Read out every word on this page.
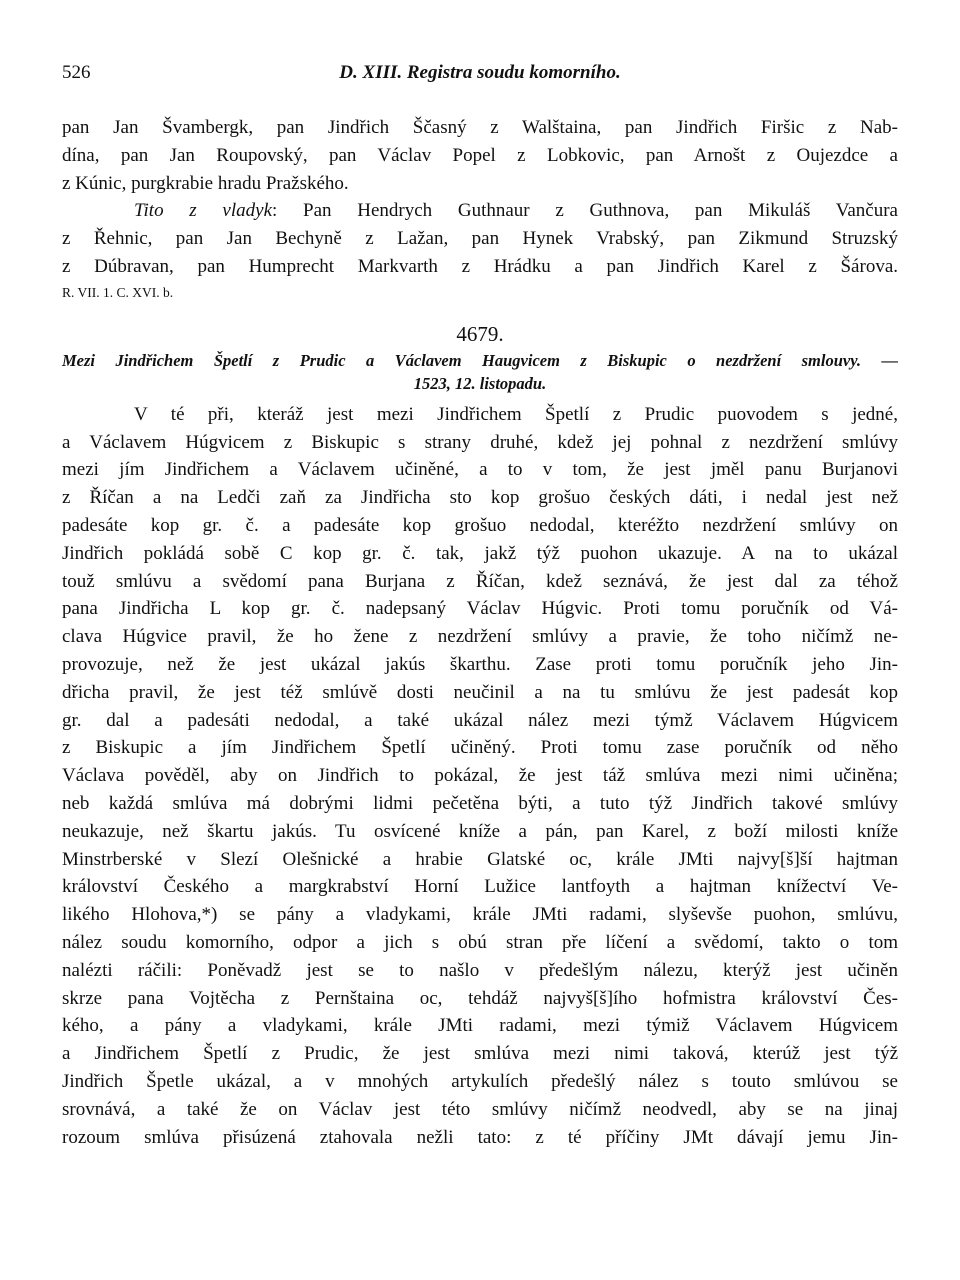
526	D. XIII. Registra soudu komorního.
pan Jan Švambergk, pan Jindřich Ščasný z Walštaina, pan Jindřich Firšic z Nab-
dína, pan Jan Roupovský, pan Václav Popel z Lobkovic, pan Arnošt z Oujezdce a
z Kúnic, purgkrabie hradu Pražského.
Tito z vladyk: Pan Hendrych Guthnaur z Guthnova, pan Mikuláš Vančura
z Řehnic, pan Jan Bechyně z Lažan, pan Hynek Vrabský, pan Zikmund Struzský
z Dúbravan, pan Humprecht Markvarth z Hrádku a pan Jindřich Karel z Šárova.
R. VII. 1. C. XVI. b.
4679.
Mezi Jindřichem Špetlí z Prudic a Václavem Haugvicem z Biskupic o nezdržení smlouvy. —
1523, 12. listopadu.
V té při, kteráž jest mezi Jindřichem Špetlí z Prudic puovodem s jedné,
a Václavem Húgvicem z Biskupic s strany druhé, kdež jej pohnal z nezdržení smlúvy
mezi jím Jindřichem a Václavem učiněné, a to v tom, že jest jměl panu Burjanovi
z Říčan a na Ledči zaň za Jindřicha sto kop grošuo českých dáti, i nedal jest než
padesáte kop gr. č. a padesáte kop grošuo nedodal, kteréžto nezdržení smlúvy on
Jindřich pokládá sobě C kop gr. č. tak, jakž týž puohon ukazuje. A na to ukázal
touž smlúvu a svědomí pana Burjana z Říčan, kdež seznává, že jest dal za téhož
pana Jindřicha L kop gr. č. nadepsaný Václav Húgvic. Proti tomu poručník od Vá-
clava Húgvice pravil, že ho žene z nezdržení smlúvy a pravie, že toho ničímž ne-
provozuje, než že jest ukázal jakús škarthu. Zase proti tomu poručník jeho Jin-
dřicha pravil, že jest též smlúvě dosti neučinil a na tu smlúvu že jest padesát kop
gr. dal a padesáti nedodal, a také ukázal nález mezi týmž Václavem Húgvicem
z Biskupic a jím Jindřichem Špetlí učiněný. Proti tomu zase poručník od něho
Václava pověděl, aby on Jindřich to pokázal, že jest táž smlúva mezi nimi učiněna;
neb každá smlúva má dobrými lidmi pečetěna býti, a tuto týž Jindřich takové smlúvy
neukazuje, než škartu jakús. Tu osvícené kníže a pán, pan Karel, z boží milosti kníže
Minstrberské v Slezí Olešnické a hrabie Glatské oc, krále JMti najvy[š]ší hajtman
království Českého a margkrabství Horní Lužice lantfoyth a hajtman knížectví Ve-
likého Hlohova,*) se pány a vladykami, krále JMti radami, slyševše puohon, smlúvu,
nález soudu komorního, odpor a jich s obú stran pře líčení a svědomí, takto o tom
nalézti ráčili: Poněvadž jest se to našlo v předešlým nálezu, kterýž jest učiněn
skrze pana Vojtěcha z Pernštaina oc, tehdáž najvyš[š]ího hofmistra království Čes-
kého, a pány a vladykami, krále JMti radami, mezi týmiž Václavem Húgvicem
a Jindřichem Špetlí z Prudic, že jest smlúva mezi nimi taková, kterúž jest týž
Jindřich Špetle ukázal, a v mnohých artykulích předešlý nález s touto smlúvou se
srovnává, a také že on Václav jest této smlúvy ničímž neodvedl, aby se na jinaj
rozoum smlúva přisúzená ztahovala nežli tato: z té příčiny JMt dávají jemu Jin-
